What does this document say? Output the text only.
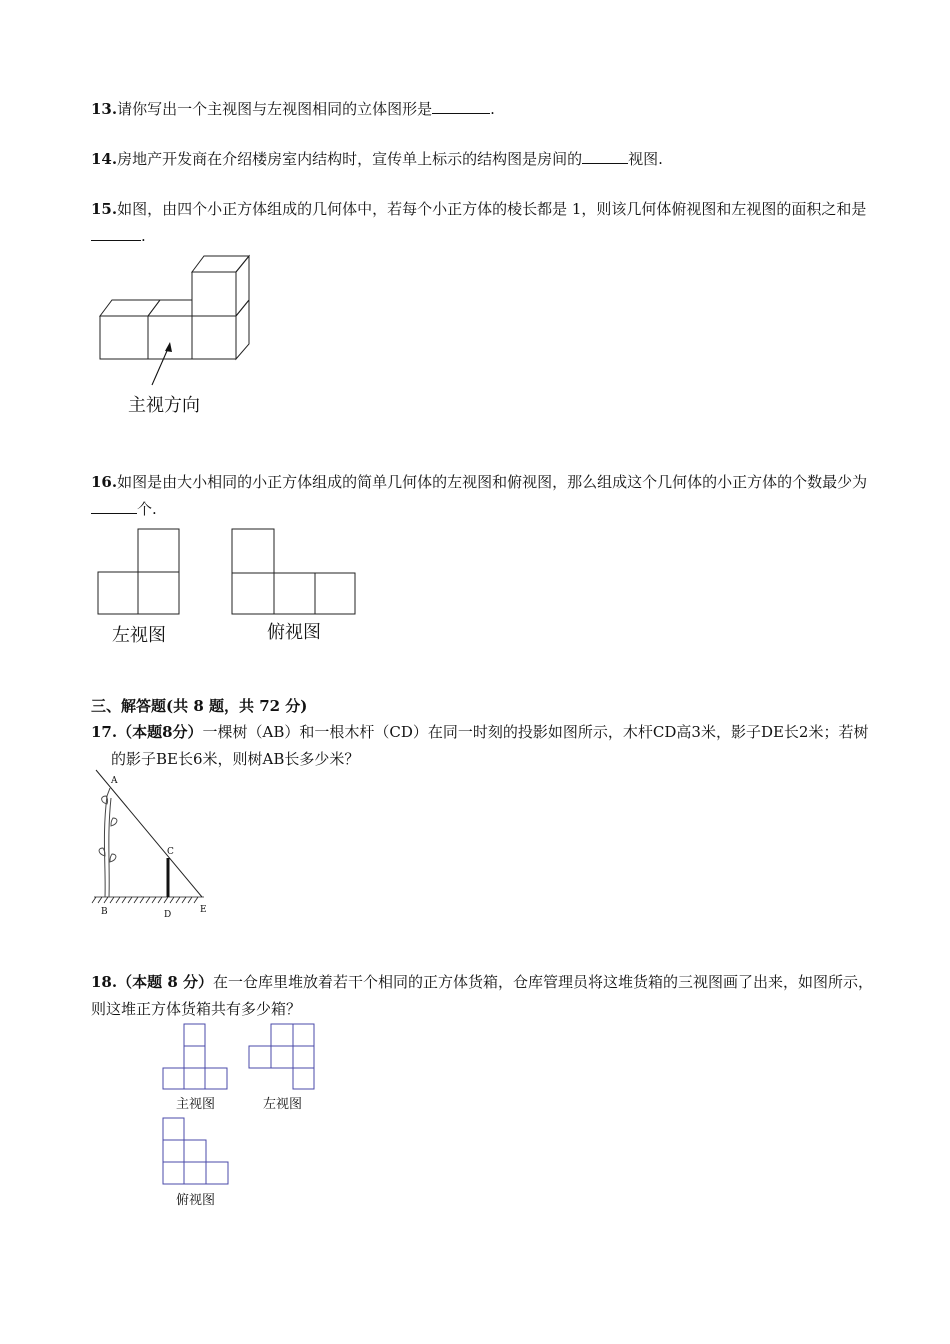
13.请你写出一个主视图与左视图相同的立体图形是	.
14.房地产开发商在介绍楼房室内结构时，宣传单上标示的结构图是房间的	视图.
15.如图，由四个小正方体组成的几何体中，若每个小正方体的棱长都是 1，则该几何体俯视图和左视图的面积之和是.
主视方向
16.如图是由大小相同的小正方体组成的简单几何体的左视图和俯视图，那么组成这个几何体的小正方体的个数最少为个.
左视图	俯视图
三、解答题(共 8 题，共 72 分)
17.（本题8分）一棵树（AB）和一根木杆（CD）在同一时刻的投影如图所示，木杆CD高3米，影子DE长2米；若树的影子BE长6米，则树AB长多少米？
A
B
C
D	E
18.（本题 8 分）在一仓库里堆放着若干个相同的正方体货箱，仓库管理员将这堆货箱的三视图画了出来，如图所示，则这堆正方体货箱共有多少箱？
主视图	左视图
俯视图
